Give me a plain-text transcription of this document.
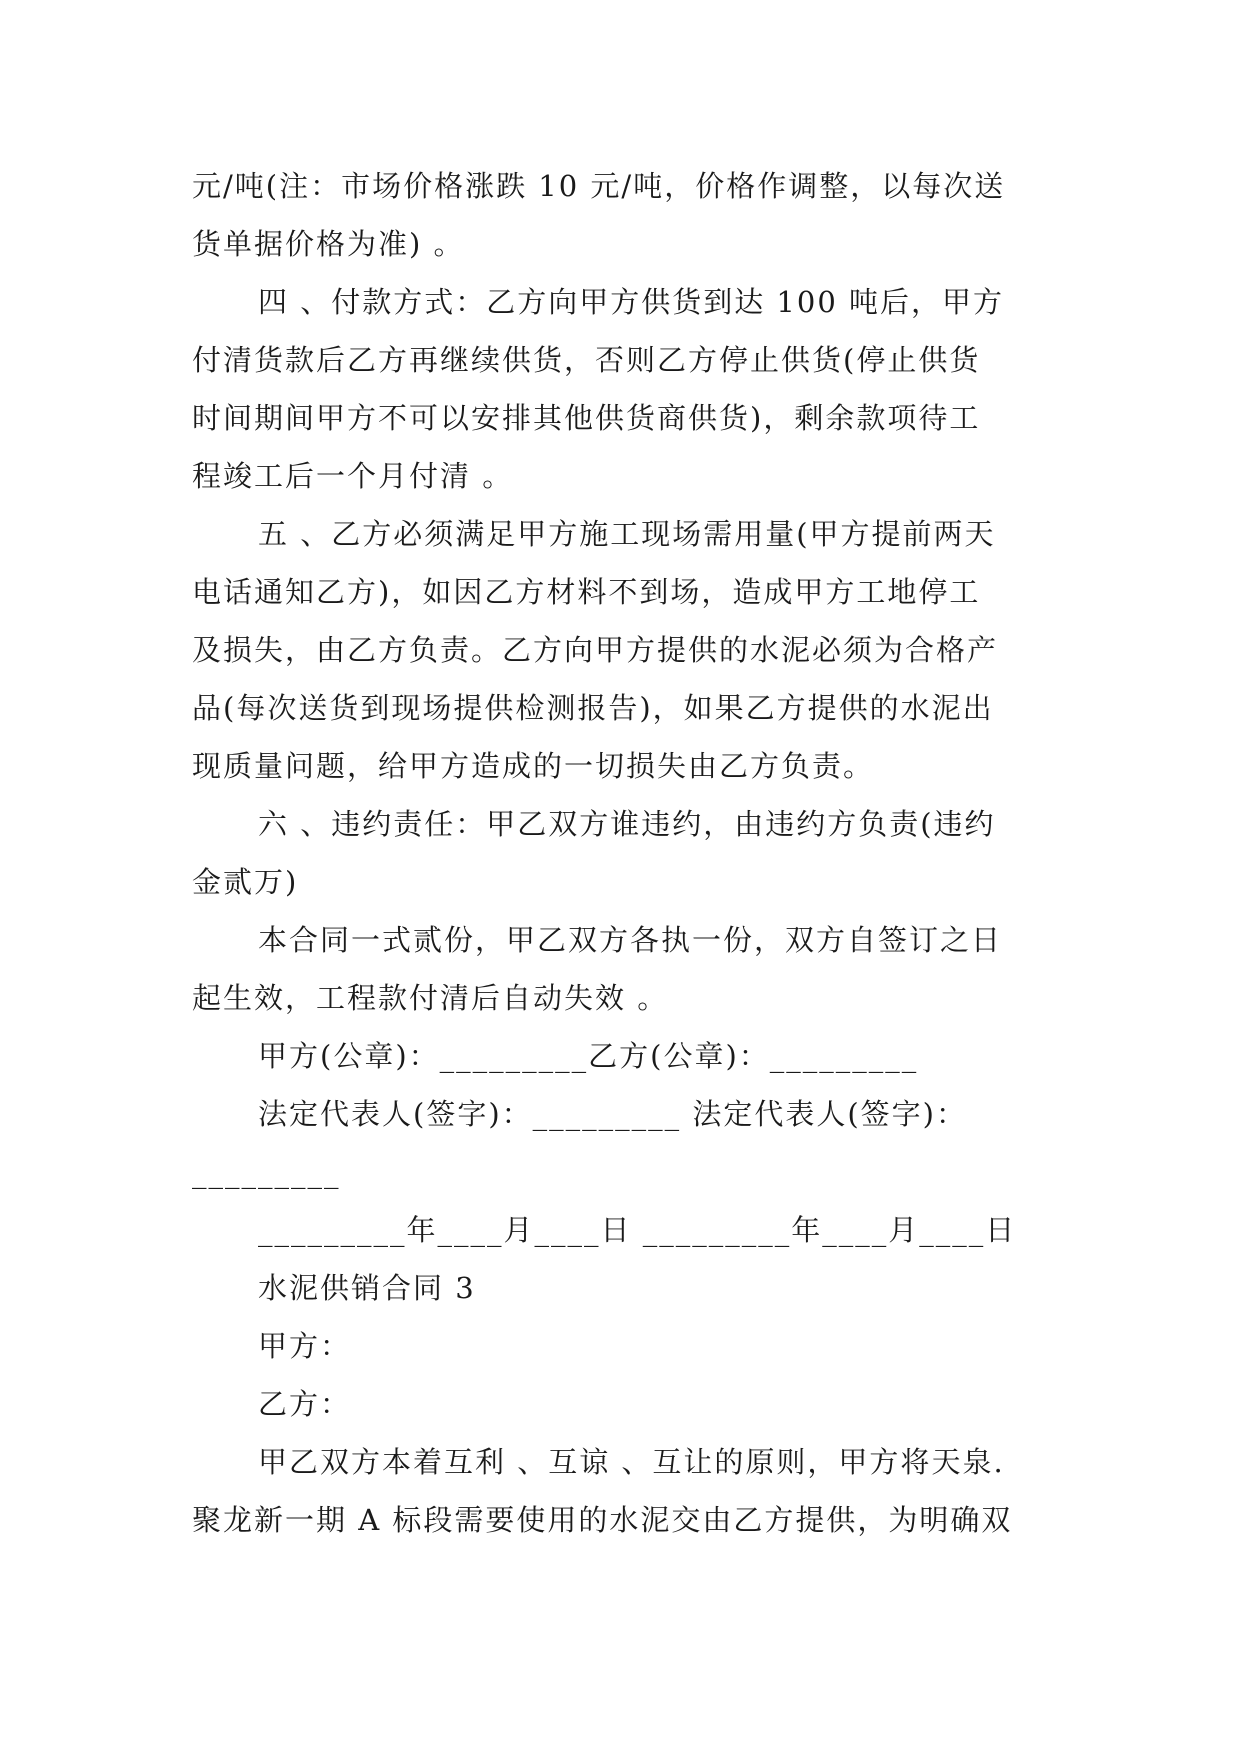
元/吨(注：市场价格涨跌 10 元/吨，价格作调整，以每次送
货单据价格为准) 。
四 、付款方式：乙方向甲方供货到达 100 吨后，甲方
付清货款后乙方再继续供货，否则乙方停止供货(停止供货
时间期间甲方不可以安排其他供货商供货)，剩余款项待工
程竣工后一个月付清 。
五 、乙方必须满足甲方施工现场需用量(甲方提前两天
电话通知乙方)，如因乙方材料不到场，造成甲方工地停工
及损失，由乙方负责。乙方向甲方提供的水泥必须为合格产
品(每次送货到现场提供检测报告)，如果乙方提供的水泥出
现质量问题，给甲方造成的一切损失由乙方负责。
六 、违约责任：甲乙双方谁违约，由违约方负责(违约
金贰万)
本合同一式贰份，甲乙双方各执一份，双方自签订之日
起生效，工程款付清后自动失效 。
甲方(公章)：_________乙方(公章)：_________
法定代表人(签字)：_________ 法定代表人(签字)：
_________
_________年____月____日 _________年____月____日
水泥供销合同 3
甲方：
乙方：
甲乙双方本着互利 、互谅 、互让的原则，甲方将天泉.
聚龙新一期 A 标段需要使用的水泥交由乙方提供，为明确双
